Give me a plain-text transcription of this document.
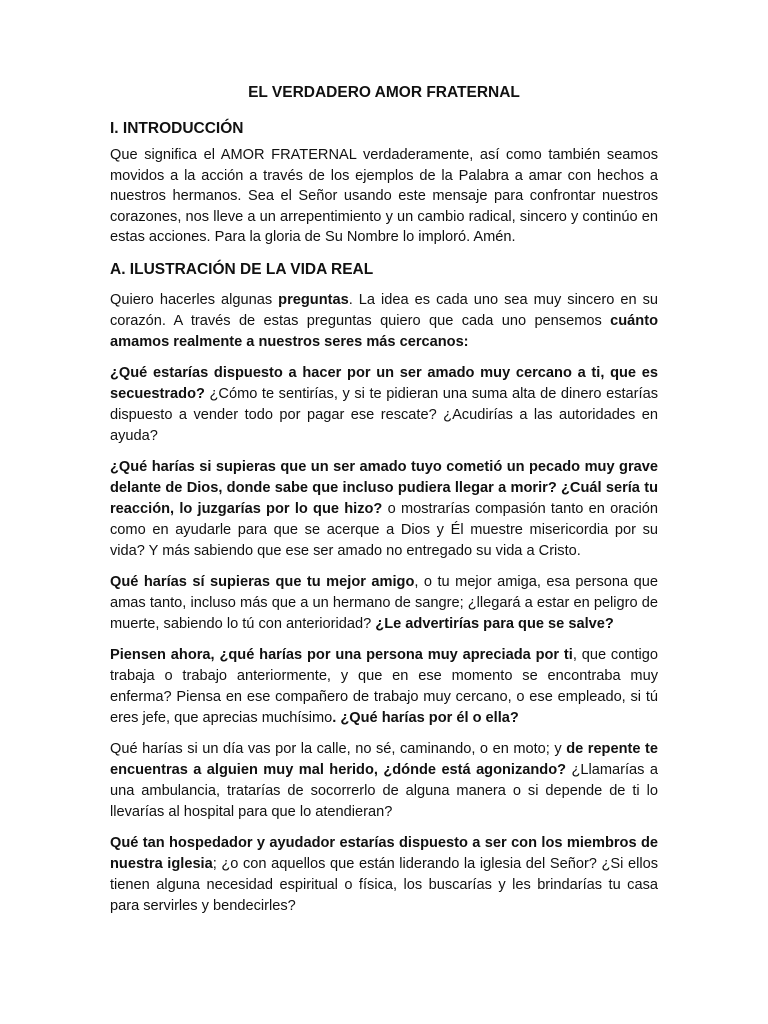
EL VERDADERO AMOR FRATERNAL
I. INTRODUCCIÓN

Que significa el AMOR FRATERNAL verdaderamente, así como también seamos movidos a la acción a través de los ejemplos de la Palabra a amar con hechos a nuestros hermanos. Sea el Señor usando este mensaje para confrontar nuestros corazones, nos lleve a un arrepentimiento y un cambio radical, sincero y continúo en estas acciones. Para la gloria de Su Nombre lo imploró. Amén.

A. ILUSTRACIÓN DE LA VIDA REAL

Quiero hacerles algunas preguntas. La idea es cada uno sea muy sincero en su corazón. A través de estas preguntas quiero que cada uno pensemos cuánto amamos realmente a nuestros seres más cercanos:

¿Qué estarías dispuesto a hacer por un ser amado muy cercano a ti, que es secuestrado? ¿Cómo te sentirías, y si te pidieran una suma alta de dinero estarías dispuesto a vender todo por pagar ese rescate? ¿Acudirías a las autoridades en ayuda?

¿Qué harías si supieras que un ser amado tuyo cometió un pecado muy grave delante de Dios, donde sabe que incluso pudiera llegar a morir? ¿Cuál sería tu reacción, lo juzgarías por lo que hizo? o mostrarías compasión tanto en oración como en ayudarle para que se acerque a Dios y Él muestre misericordia por su vida? Y más sabiendo que ese ser amado no entregado su vida a Cristo.

Qué harías sí supieras que tu mejor amigo, o tu mejor amiga, esa persona que amas tanto, incluso más que a un hermano de sangre; ¿llegará a estar en peligro de muerte, sabiendo lo tú con anterioridad? ¿Le advertirías para que se salve?

Piensen ahora, ¿qué harías por una persona muy apreciada por ti, que contigo trabaja o trabajo anteriormente, y que en ese momento se encontraba muy enferma? Piensa en ese compañero de trabajo muy cercano, o ese empleado, si tú eres jefe, que aprecias muchísimo. ¿Qué harías por él o ella?

Qué harías si un día vas por la calle, no sé, caminando, o en moto; y de repente te encuentras a alguien muy mal herido, ¿dónde está agonizando? ¿Llamarías a una ambulancia, tratarías de socorrerlo de alguna manera o si depende de ti lo llevarías al hospital para que lo atendieran?

Qué tan hospedador y ayudador estarías dispuesto a ser con los miembros de nuestra iglesia; ¿o con aquellos que están liderando la iglesia del Señor? ¿Si ellos tienen alguna necesidad espiritual o física, los buscarías y les brindarías tu casa para servirles y bendecirles?
